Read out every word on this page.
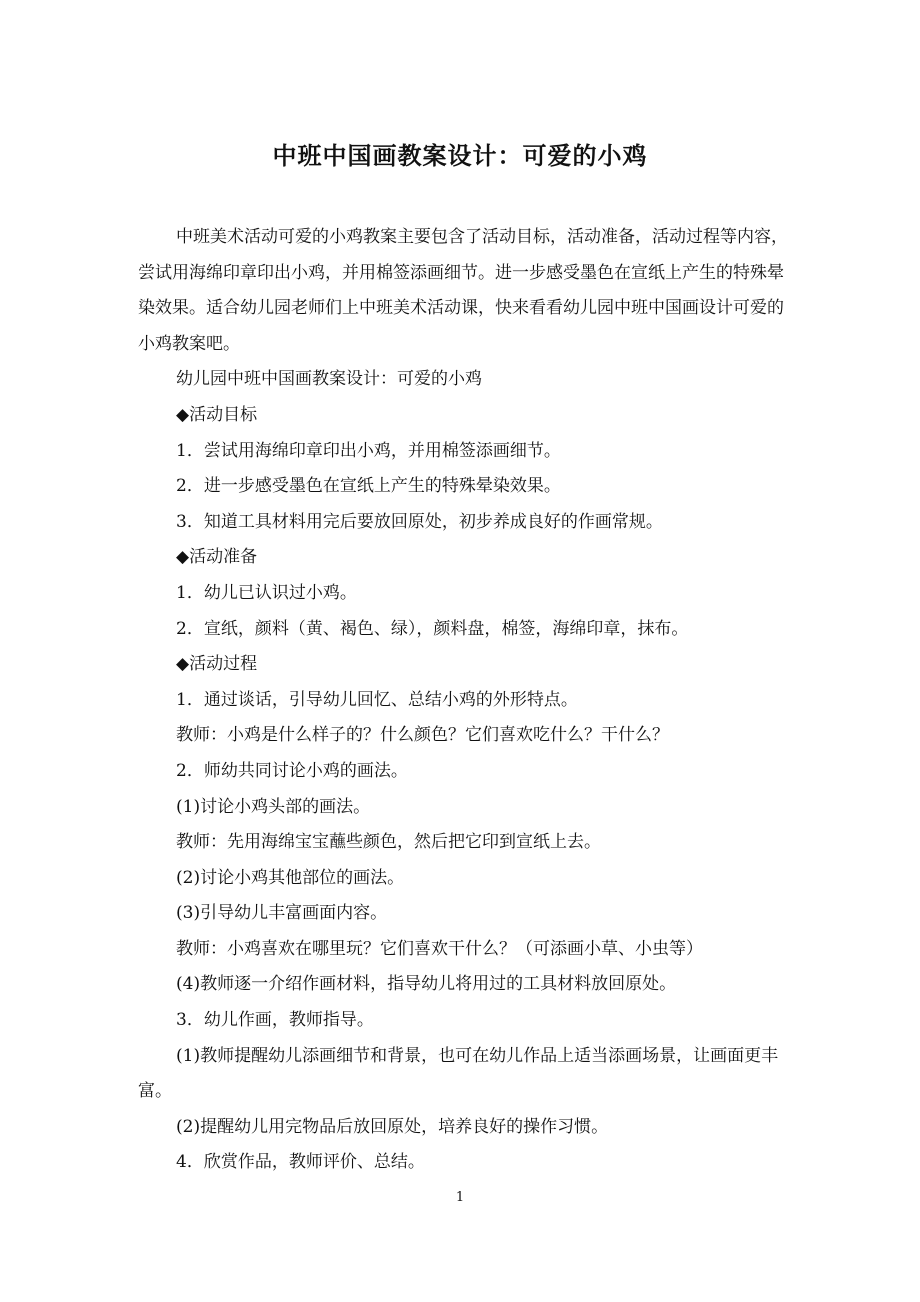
中班中国画教案设计：可爱的小鸡

中班美术活动可爱的小鸡教案主要包含了活动目标，活动准备，活动过程等内容，尝试用海绵印章印出小鸡，并用棉签添画细节。进一步感受墨色在宣纸上产生的特殊晕染效果。适合幼儿园老师们上中班美术活动课，快来看看幼儿园中班中国画设计可爱的小鸡教案吧。

幼儿园中班中国画教案设计：可爱的小鸡

◆活动目标

1．尝试用海绵印章印出小鸡，并用棉签添画细节。

2．进一步感受墨色在宣纸上产生的特殊晕染效果。

3．知道工具材料用完后要放回原处，初步养成良好的作画常规。

◆活动准备

1．幼儿已认识过小鸡。

2．宣纸，颜料（黄、褐色、绿），颜料盘，棉签，海绵印章，抹布。

◆活动过程

1．通过谈话，引导幼儿回忆、总结小鸡的外形特点。

教师：小鸡是什么样子的？什么颜色？它们喜欢吃什么？干什么？

2．师幼共同讨论小鸡的画法。

(1)讨论小鸡头部的画法。

教师：先用海绵宝宝蘸些颜色，然后把它印到宣纸上去。

(2)讨论小鸡其他部位的画法。

(3)引导幼儿丰富画面内容。

教师：小鸡喜欢在哪里玩？它们喜欢干什么？（可添画小草、小虫等）

(4)教师逐一介绍作画材料，指导幼儿将用过的工具材料放回原处。

3．幼儿作画，教师指导。

(1)教师提醒幼儿添画细节和背景，也可在幼儿作品上适当添画场景，让画面更丰富。

(2)提醒幼儿用完物品后放回原处，培养良好的操作习惯。

4．欣赏作品，教师评价、总结。

1
